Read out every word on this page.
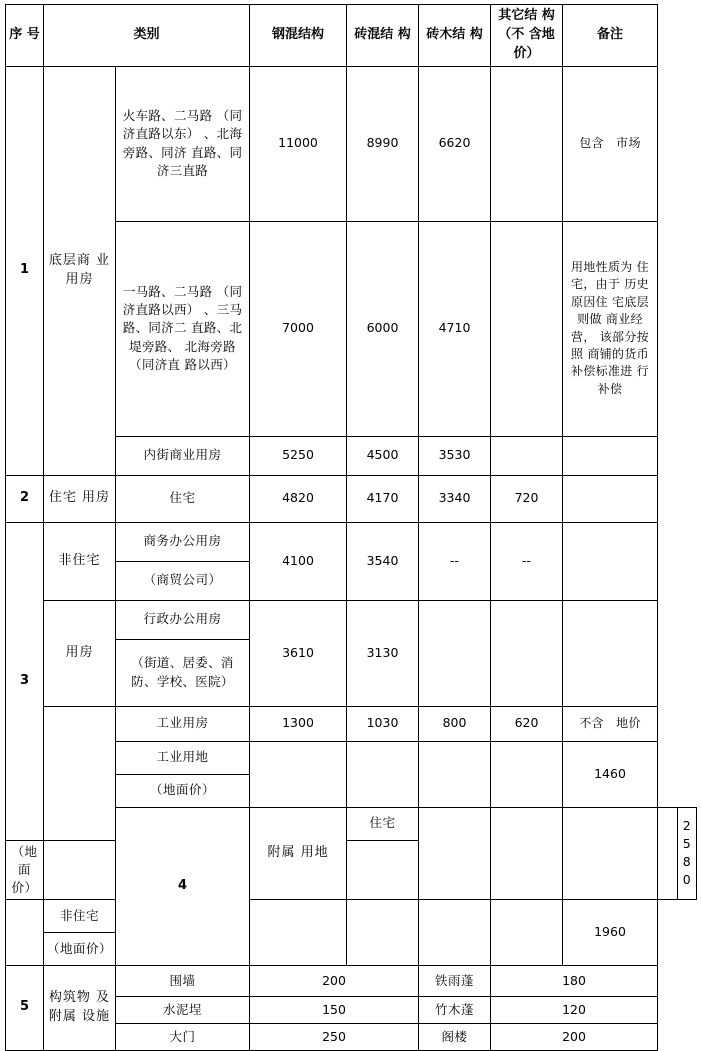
序 号	类别		钢混结构	砖混结 构	砖木结 构	其它结 构（不 含地价）	备注		
1	底层商 业用房	火车路、二马路 （同济直路以东） 、北海旁路、同济 直路、同济三直路	11000	8990	6620		包含　市场		
		一马路、二马路 （同济直路以西） 、三马路、同济二 直路、北堤旁路、 北海旁路（同济直 路以西）	7000	6000	4710		用地性质为 住宅，由于 历史原因住 宅底层则做 商业经营， 该部分按照 商铺的货币 补偿标准进 行补偿		
		内街商业用房	5250	4500	3530				
2	住宅 用房	住宅	4820	4170	3340	720			
3	非住宅	商务办公用房	4100	3540	--	--			
		（商贸公司）							
	用房	行政办公用房	3610	3130					
		（街道、居委、消 防、学校、医院）							
		工业用房	1300	1030	800	620	不含　地价		
		工业用地					1460		
		（地面价）							
		4	附属 用地	住宅					2580
（地面价）									
	非住宅						1960		
	（地面价）								
5	构筑物 及附属 设施	围墙	200		铁雨蓬	180			
		水泥埕	150		竹木蓬	120			
		大门	250		阁楼	200			
